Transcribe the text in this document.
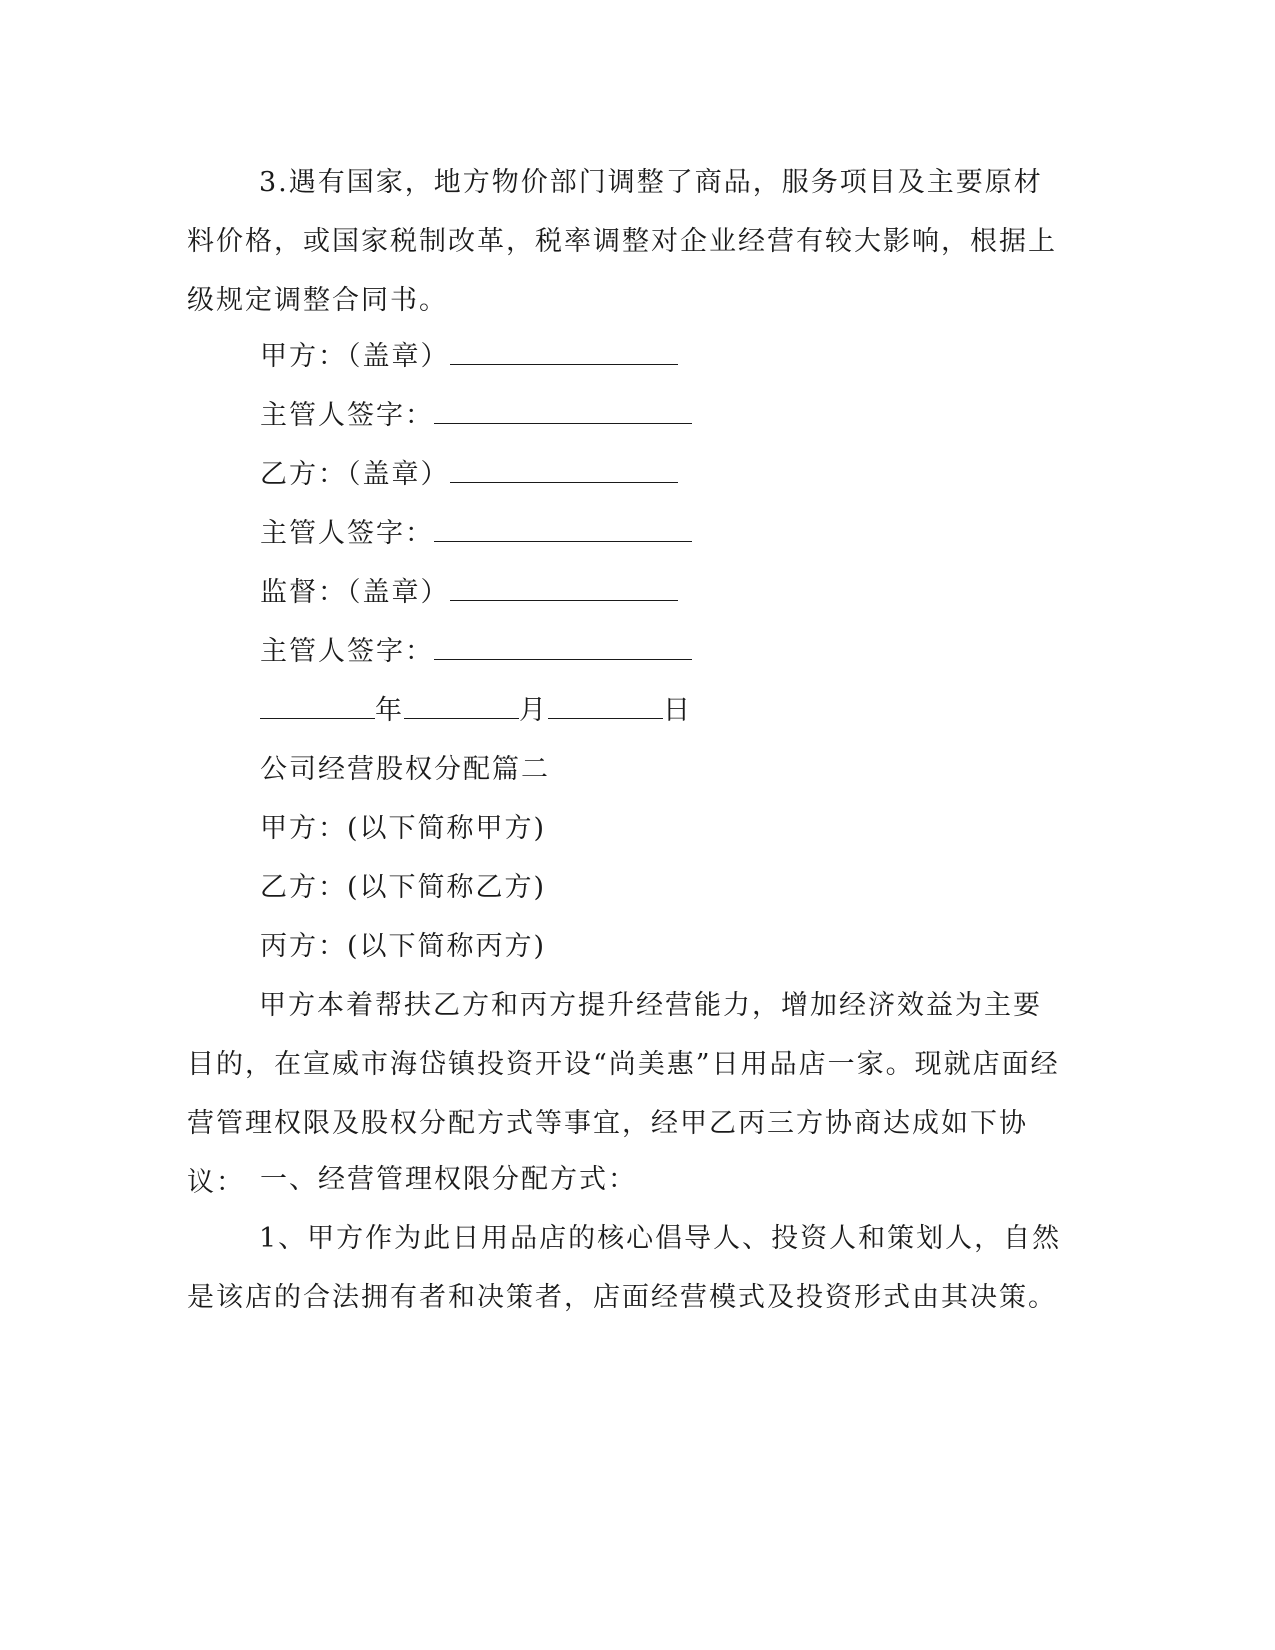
3.遇有国家，地方物价部门调整了商品，服务项目及主要原材料价格，或国家税制改革，税率调整对企业经营有较大影响，根据上级规定调整合同书。

甲方：（盖章）
主管人签字：
乙方：（盖章）
主管人签字：
监督：（盖章）
主管人签字：
年	月	日
公司经营股权分配篇二
甲方：(以下简称甲方)
乙方：(以下简称乙方)
丙方：(以下简称丙方)

甲方本着帮扶乙方和丙方提升经营能力，增加经济效益为主要目的，在宣威市海岱镇投资开设“尚美惠”日用品店一家。现就店面经营管理权限及股权分配方式等事宜，经甲乙丙三方协商达成如下协议： 一、经营管理权限分配方式：

1、甲方作为此日用品店的核心倡导人、投资人和策划人，自然是该店的合法拥有者和决策者，店面经营模式及投资形式由其决策。
